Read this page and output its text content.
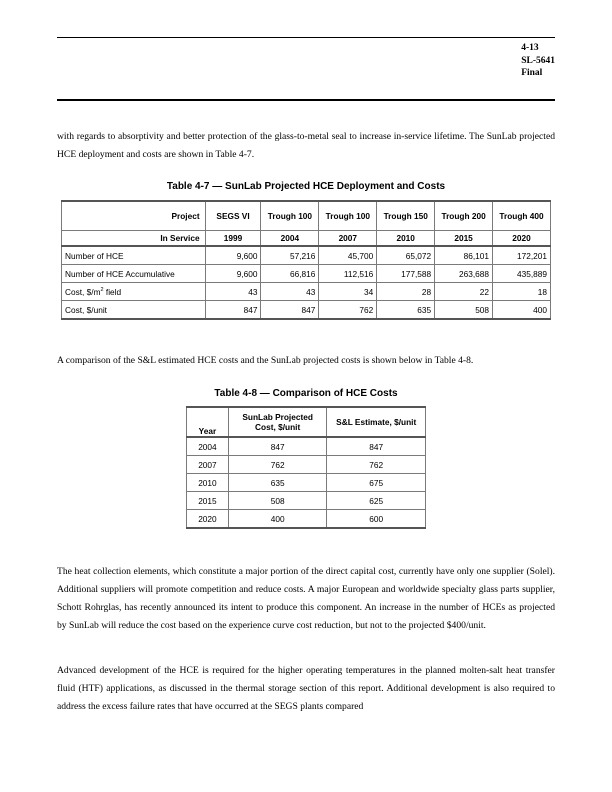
4-13
SL-5641
Final

with regards to absorptivity and better protection of the glass-to-metal seal to increase in-service lifetime. The SunLab projected HCE deployment and costs are shown in Table 4-7.

Table 4-7 — SunLab Projected HCE Deployment and Costs
Project	SEGS VI	Trough 100	Trough 100	Trough 150	Trough 200	Trough 400
In Service	1999	2004	2007	2010	2015	2020
Number of HCE	9,600	57,216	45,700	65,072	86,101	172,201
Number of HCE Accumulative	9,600	66,816	112,516	177,588	263,688	435,889
Cost, $\$/m^2$ field	43	43	34	28	22	18
Cost, $/unit	847	847	762	635	508	400

A comparison of the S&L estimated HCE costs and the SunLab projected costs is shown below in Table 4-8.

Table 4-8 — Comparison of HCE Costs
Year	SunLab Projected Cost, $/unit	S&L Estimate, $/unit
2004	847	847
2007	762	762
2010	635	675
2015	508	625
2020	400	600

The heat collection elements, which constitute a major portion of the direct capital cost, currently have only one supplier (Solel). Additional suppliers will promote competition and reduce costs. A major European and worldwide specialty glass parts supplier, Schott Rohrglas, has recently announced its intent to produce this component. An increase in the number of HCEs as projected by SunLab will reduce the cost based on the experience curve cost reduction, but not to the projected $400/unit.

Advanced development of the HCE is required for the higher operating temperatures in the planned molten-salt heat transfer fluid (HTF) applications, as discussed in the thermal storage section of this report. Additional development is also required to address the excess failure rates that have occurred at the SEGS plants compared
